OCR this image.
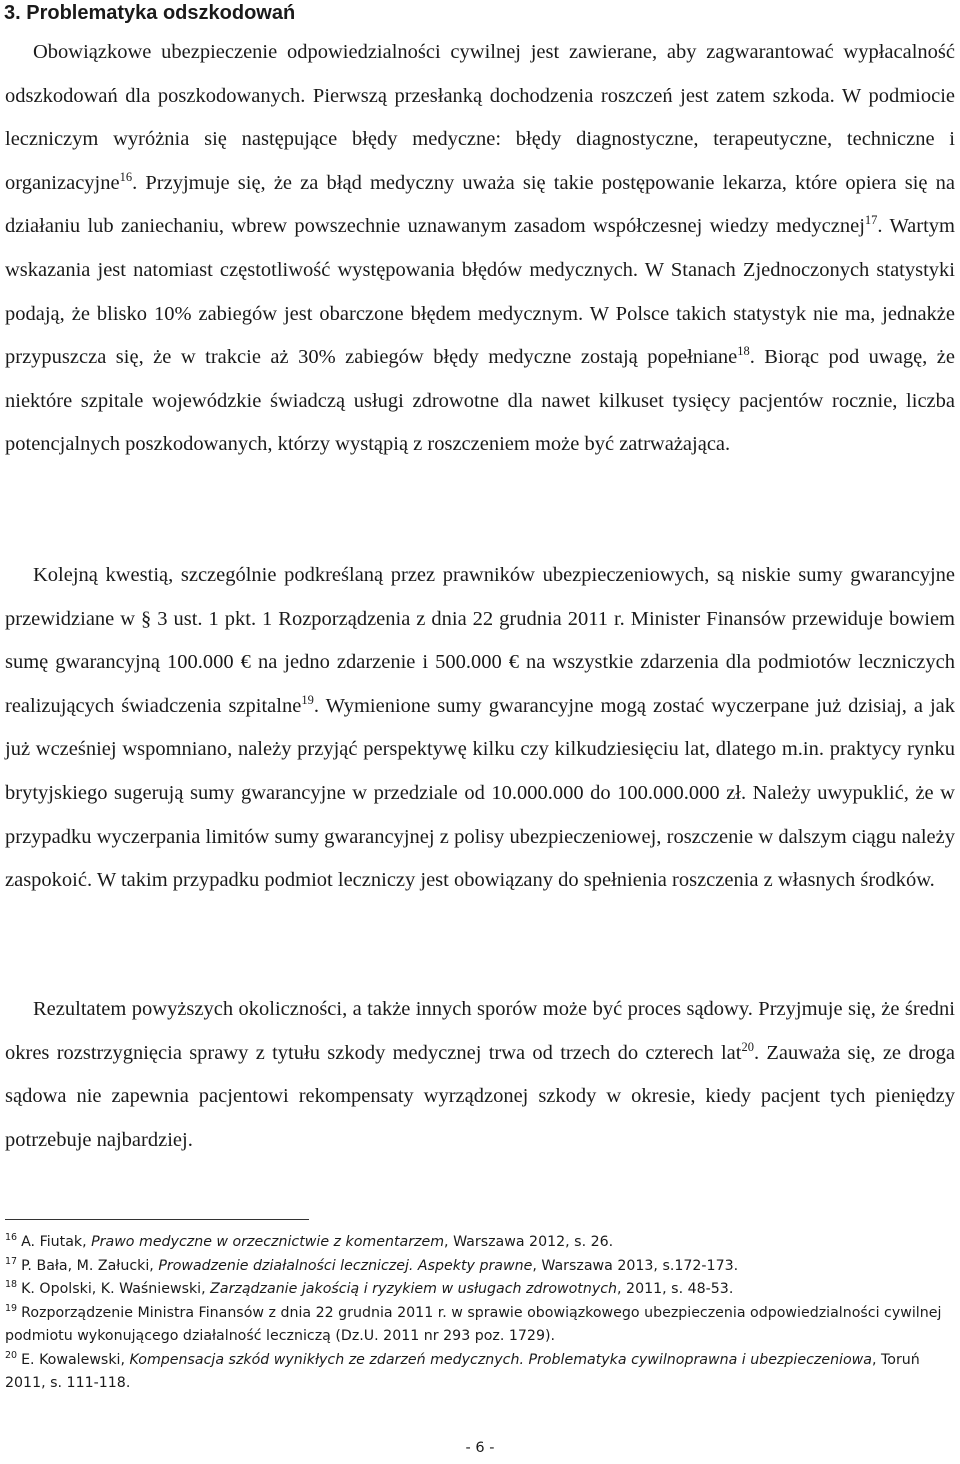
3. Problematyka odszkodowań

Obowiązkowe ubezpieczenie odpowiedzialności cywilnej jest zawierane, aby zagwarantować wypłacalność odszkodowań dla poszkodowanych. Pierwszą przesłanką dochodzenia roszczeń jest zatem szkoda. W podmiocie leczniczym wyróżnia się następujące błędy medyczne: błędy diagnostyczne, terapeutyczne, techniczne i organizacyjne$^{16}$. Przyjmuje się, że za błąd medyczny uważa się takie postępowanie lekarza, które opiera się na działaniu lub zaniechaniu, wbrew powszechnie uznawanym zasadom współczesnej wiedzy medycznej$^{17}$. Wartym wskazania jest natomiast częstotliwość występowania błędów medycznych. W Stanach Zjednoczonych statystyki podają, że blisko 10% zabiegów jest obarczone błędem medycznym. W Polsce takich statystyk nie ma, jednakże przypuszcza się, że w trakcie aż 30% zabiegów błędy medyczne zostają popełniane$^{18}$. Biorąc pod uwagę, że niektóre szpitale wojewódzkie świadczą usługi zdrowotne dla nawet kilkuset tysięcy pacjentów rocznie, liczba potencjalnych poszkodowanych, którzy wystąpią z roszczeniem może być zatrważająca.

Kolejną kwestią, szczególnie podkreślaną przez prawników ubezpieczeniowych, są niskie sumy gwarancyjne przewidziane w § 3 ust. 1 pkt. 1 Rozporządzenia z dnia 22 grudnia 2011 r. Minister Finansów przewiduje bowiem sumę gwarancyjną 100.000 € na jedno zdarzenie i 500.000 € na wszystkie zdarzenia dla podmiotów leczniczych realizujących świadczenia szpitalne$^{19}$. Wymienione sumy gwarancyjne mogą zostać wyczerpane już dzisiaj, a jak już wcześniej wspomniano, należy przyjąć perspektywę kilku czy kilkudziesięciu lat, dlatego m.in. praktycy rynku brytyjskiego sugerują sumy gwarancyjne w przedziale od 10.000.000 do 100.000.000 zł. Należy uwypuklić, że w przypadku wyczerpania limitów sumy gwarancyjnej z polisy ubezpieczeniowej, roszczenie w dalszym ciągu należy zaspokoić. W takim przypadku podmiot leczniczy jest obowiązany do spełnienia roszczenia z własnych środków.

Rezultatem powyższych okoliczności, a także innych sporów może być proces sądowy. Przyjmuje się, że średni okres rozstrzygnięcia sprawy z tytułu szkody medycznej trwa od trzech do czterech lat$^{20}$. Zauważa się, ze droga sądowa nie zapewnia pacjentowi rekompensaty wyrządzonej szkody w okresie, kiedy pacjent tych pieniędzy potrzebuje najbardziej.

$^{16}$ A. Fiutak, Prawo medyczne w orzecznictwie z komentarzem, Warszawa 2012, s. 26.

$^{17}$ P. Bała, M. Załucki, Prowadzenie działalności leczniczej. Aspekty prawne, Warszawa 2013, s.172-173.

$^{18}$ K. Opolski, K. Waśniewski, Zarządzanie jakością i ryzykiem w usługach zdrowotnych, 2011, s. 48-53.

$^{19}$ Rozporządzenie Ministra Finansów z dnia 22 grudnia 2011 r. w sprawie obowiązkowego ubezpieczenia odpowiedzialności cywilnej podmiotu wykonującego działalność leczniczą (Dz.U. 2011 nr 293 poz. 1729).

$^{20}$ E. Kowalewski, Kompensacja szkód wynikłych ze zdarzeń medycznych. Problematyka cywilnoprawna i ubezpieczeniowa, Toruń 2011, s. 111-118.

- 6 -
